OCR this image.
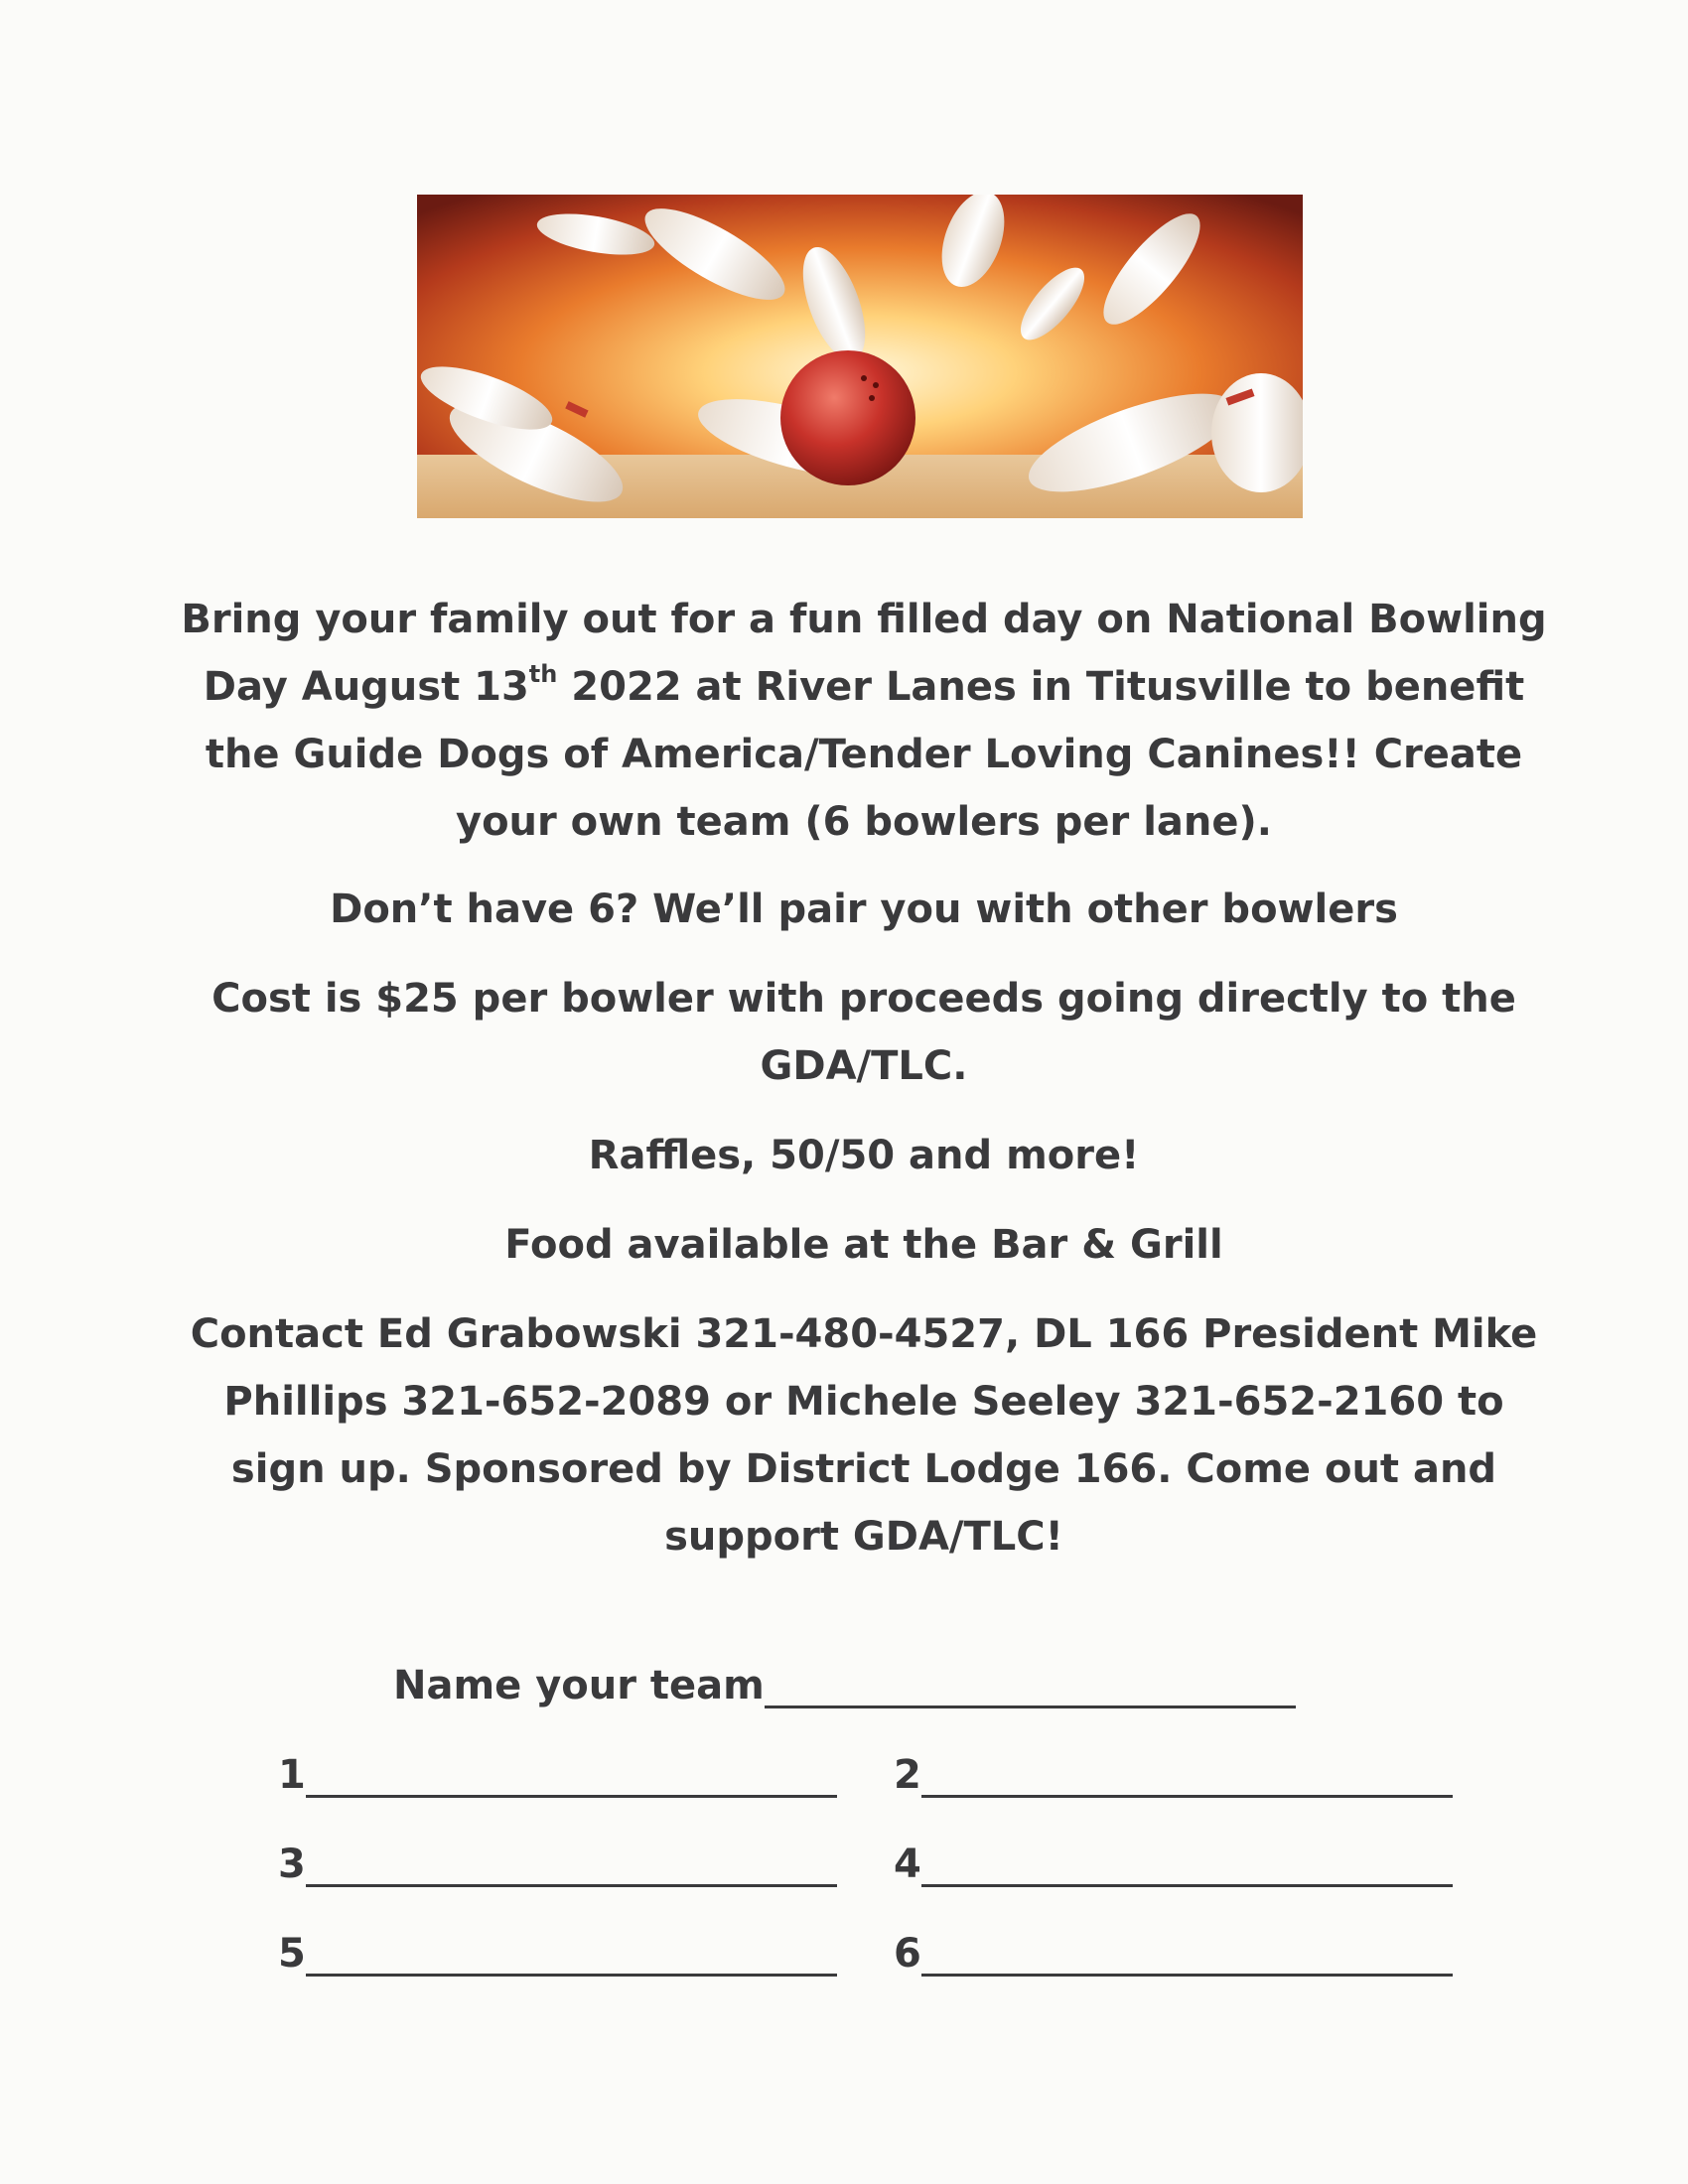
Bring your family out for a fun filled day on National Bowling Day August 13th 2022 at River Lanes in Titusville to benefit the Guide Dogs of America/Tender Loving Canines!! Create your own team (6 bowlers per lane).

Don’t have 6? We’ll pair you with other bowlers

Cost is $25 per bowler with proceeds going directly to the GDA/TLC.

Raffles, 50/50 and more!

Food available at the Bar & Grill

Contact Ed Grabowski 321-480-4527, DL 166 President Mike Phillips 321-652-2089 or Michele Seeley 321-652-2160 to sign up. Sponsored by District Lodge 166. Come out and support GDA/TLC!

Name your team
1	2
3	4
5	6
